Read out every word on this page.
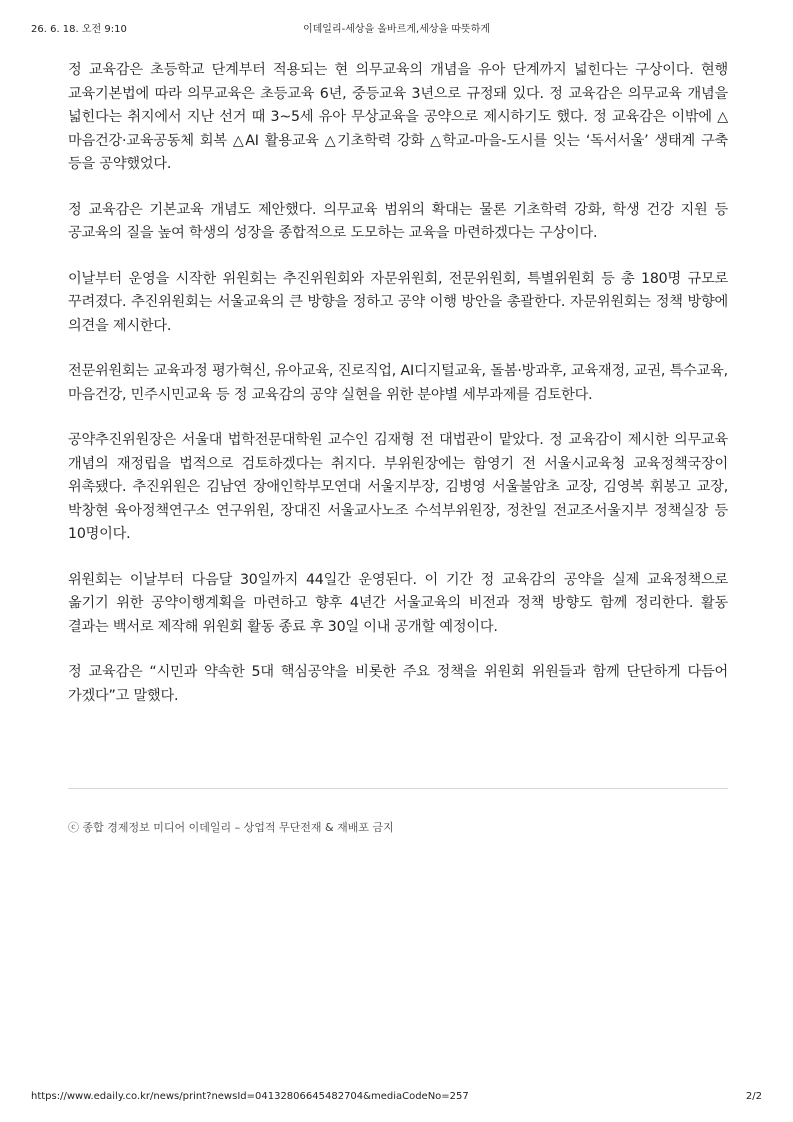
26. 6. 18. 오전 9:10	이데일리-세상을 올바르게,세상을 따뜻하게

정 교육감은 초등학교 단계부터 적용되는 현 의무교육의 개념을 유아 단계까지 넓힌다는 구상이다. 현행 교육기본법에 따라 의무교육은 초등교육 6년, 중등교육 3년으로 규정돼 있다. 정 교육감은 의무교육 개념을 넓힌다는 취지에서 지난 선거 때 3~5세 유아 무상교육을 공약으로 제시하기도 했다. 정 교육감은 이밖에 △마음건강·교육공동체 회복 △AI 활용교육 △기초학력 강화 △학교-마을-도시를 잇는 ‘독서서울’ 생태계 구축 등을 공약했었다.

정 교육감은 기본교육 개념도 제안했다. 의무교육 범위의 확대는 물론 기초학력 강화, 학생 건강 지원 등 공교육의 질을 높여 학생의 성장을 종합적으로 도모하는 교육을 마련하겠다는 구상이다.

이날부터 운영을 시작한 위원회는 추진위원회와 자문위원회, 전문위원회, 특별위원회 등 총 180명 규모로 꾸려졌다. 추진위원회는 서울교육의 큰 방향을 정하고 공약 이행 방안을 총괄한다. 자문위원회는 정책 방향에 의견을 제시한다.

전문위원회는 교육과정 평가혁신, 유아교육, 진로직업, AI디지털교육, 돌봄·방과후, 교육재정, 교권, 특수교육, 마음건강, 민주시민교육 등 정 교육감의 공약 실현을 위한 분야별 세부과제를 검토한다.

공약추진위원장은 서울대 법학전문대학원 교수인 김재형 전 대법관이 맡았다. 정 교육감이 제시한 의무교육 개념의 재정립을 법적으로 검토하겠다는 취지다. 부위원장에는 함영기 전 서울시교육청 교육정책국장이 위촉됐다. 추진위원은 김남연 장애인학부모연대 서울지부장, 김병영 서울불암초 교장, 김영복 휘봉고 교장, 박창현 육아정책연구소 연구위원, 장대진 서울교사노조 수석부위원장, 정찬일 전교조서울지부 정책실장 등 10명이다.

위원회는 이날부터 다음달 30일까지 44일간 운영된다. 이 기간 정 교육감의 공약을 실제 교육정책으로 옮기기 위한 공약이행계획을 마련하고 향후 4년간 서울교육의 비전과 정책 방향도 함께 정리한다. 활동 결과는 백서로 제작해 위원회 활동 종료 후 30일 이내 공개할 예정이다.

정 교육감은 “시민과 약속한 5대 핵심공약을 비롯한 주요 정책을 위원회 위원들과 함께 단단하게 다듬어 가겠다”고 말했다.

ⓒ 종합 경제정보 미디어 이데일리 – 상업적 무단전재 & 재배포 금지
https://www.edaily.co.kr/news/print?newsId=04132806645482704&mediaCodeNo=257	2/2
